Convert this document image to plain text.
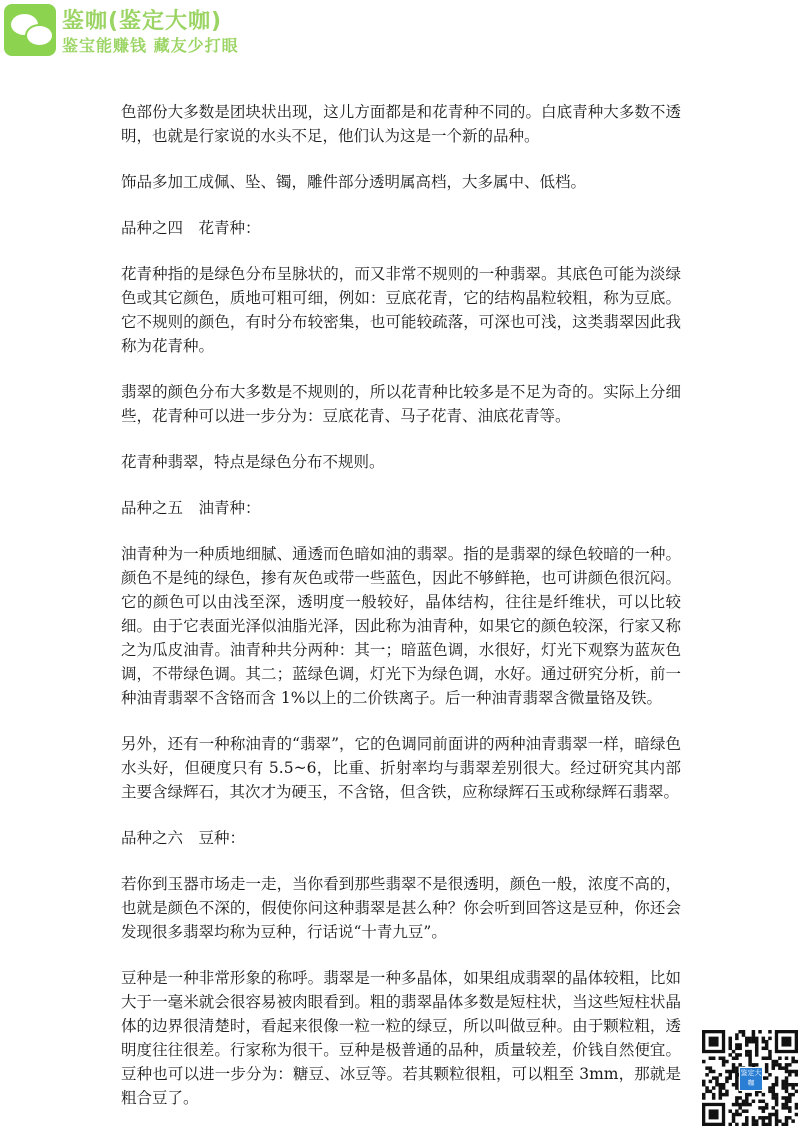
鉴咖(鉴定大咖)
鉴宝能赚钱 藏友少打眼

色部份大多数是团块状出现，这儿方面都是和花青种不同的。白底青种大多数不透明，也就是行家说的水头不足，他们认为这是一个新的品种。

饰品多加工成佩、坠、镯，雕件部分透明属高档，大多属中、低档。

品种之四　花青种：

花青种指的是绿色分布呈脉状的，而又非常不规则的一种翡翠。其底色可能为淡绿色或其它颜色，质地可粗可细，例如：豆底花青，它的结构晶粒较粗，称为豆底。它不规则的颜色，有时分布较密集，也可能较疏落，可深也可浅，这类翡翠因此我称为花青种。

翡翠的颜色分布大多数是不规则的，所以花青种比较多是不足为奇的。实际上分细些，花青种可以进一步分为：豆底花青、马子花青、油底花青等。

花青种翡翠，特点是绿色分布不规则。

品种之五　油青种：

油青种为一种质地细腻、通透而色暗如油的翡翠。指的是翡翠的绿色较暗的一种。颜色不是纯的绿色，掺有灰色或带一些蓝色，因此不够鲜艳，也可讲颜色很沉闷。它的颜色可以由浅至深，透明度一般较好，晶体结构，往往是纤维状，可以比较细。由于它表面光泽似油脂光泽，因此称为油青种，如果它的颜色较深，行家又称之为瓜皮油青。油青种共分两种：其一；暗蓝色调，水很好，灯光下观察为蓝灰色调，不带绿色调。其二；蓝绿色调，灯光下为绿色调，水好。通过研究分析，前一种油青翡翠不含铬而含 1%以上的二价铁离子。后一种油青翡翠含微量铬及铁。

另外，还有一种称油青的“翡翠”，它的色调同前面讲的两种油青翡翠一样，暗绿色水头好，但硬度只有 5.5~6，比重、折射率均与翡翠差别很大。经过研究其内部主要含绿辉石，其次才为硬玉，不含铬，但含铁，应称绿辉石玉或称绿辉石翡翠。

品种之六　豆种：

若你到玉器市场走一走，当你看到那些翡翠不是很透明，颜色一般，浓度不高的，也就是颜色不深的，假使你问这种翡翠是甚么种？你会听到回答这是豆种，你还会发现很多翡翠均称为豆种，行话说“十青九豆”。

豆种是一种非常形象的称呼。翡翠是一种多晶体，如果组成翡翠的晶体较粗，比如大于一毫米就会很容易被肉眼看到。粗的翡翠晶体多数是短柱状，当这些短柱状晶体的边界很清楚时，看起来很像一粒一粒的绿豆，所以叫做豆种。由于颗粒粗，透明度往往很差。行家称为很干。豆种是极普通的品种，质量较差，价钱自然便宜。豆种也可以进一步分为：糖豆、冰豆等。若其颗粒很粗，可以粗至 3mm，那就是粗合豆了。

鉴定大咖
